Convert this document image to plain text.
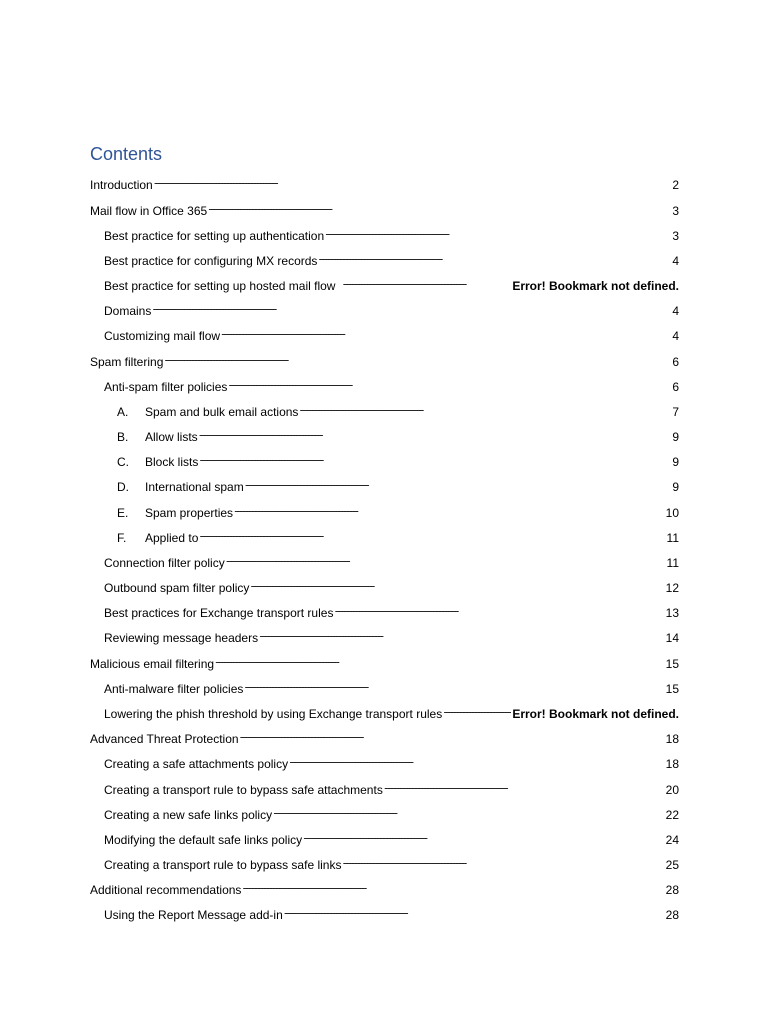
Contents
Introduction . . .	2
Mail flow in Office 365 . . .	3
Best practice for setting up authentication . . .	3
Best practice for configuring MX records . . .	4
Best practice for setting up hosted mail flow . . .	Error! Bookmark not defined.
Domains . . .	4
Customizing mail flow . . .	4
Spam filtering . . .	6
Anti-spam filter policies . . .	6
A.	Spam and bulk email actions . . .	7
B.	Allow lists . . .	9
C.	Block lists . . .	9
D.	International spam . . .	9
E.	Spam properties . . .	10
F.	Applied to . . .	11
Connection filter policy . . .	11
Outbound spam filter policy . . .	12
Best practices for Exchange transport rules . . .	13
Reviewing message headers . . .	14
Malicious email filtering . . .	15
Anti-malware filter policies . . .	15
Lowering the phish threshold by using Exchange transport rules . . .	Error! Bookmark not defined.
Advanced Threat Protection . . .	18
Creating a safe attachments policy . . .	18
Creating a transport rule to bypass safe attachments . . .	20
Creating a new safe links policy . . .	22
Modifying the default safe links policy . . .	24
Creating a transport rule to bypass safe links . . .	25
Additional recommendations . . .	28
Using the Report Message add-in . . .	28
